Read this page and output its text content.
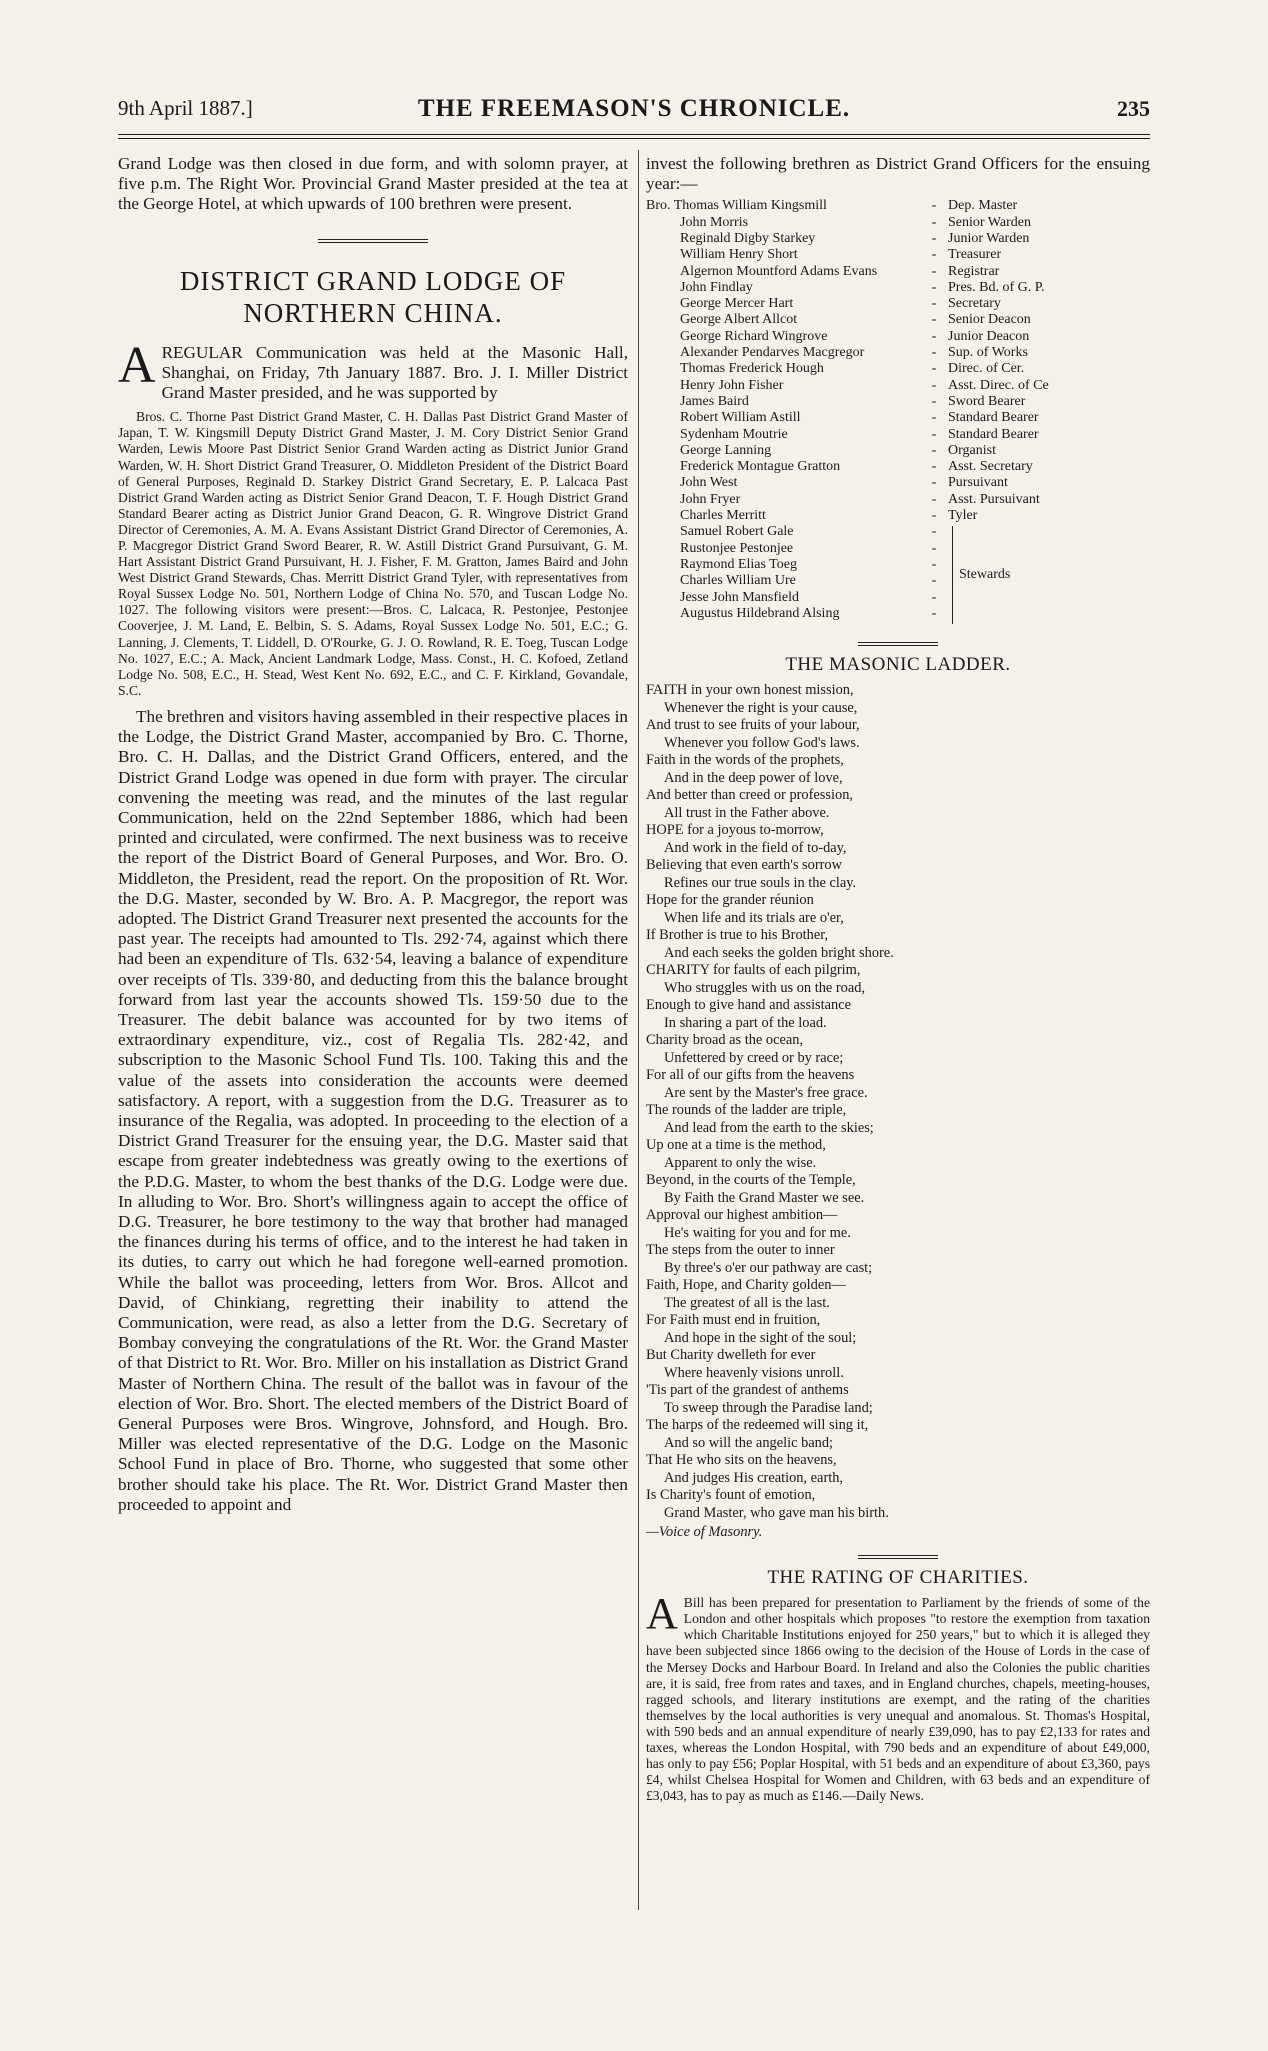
9th April 1887.]	THE FREEMASON'S CHRONICLE.	235

Grand Lodge was then closed in due form, and with solomn prayer, at five p.m. The Right Wor. Provincial Grand Master presided at the tea at the George Hotel, at which upwards of 100 brethren were present.

DISTRICT GRAND LODGE OF
NORTHERN CHINA.

AREGULAR Communication was held at the Masonic Hall, Shanghai, on Friday, 7th January 1887. Bro. J. I. Miller District Grand Master presided, and he was supported by

Bros. C. Thorne Past District Grand Master, C. H. Dallas Past District Grand Master of Japan, T. W. Kingsmill Deputy District Grand Master, J. M. Cory District Senior Grand Warden, Lewis Moore Past District Senior Grand Warden acting as District Junior Grand Warden, W. H. Short District Grand Treasurer, O. Middleton President of the District Board of General Purposes, Reginald D. Starkey District Grand Secretary, E. P. Lalcaca Past District Grand Warden acting as District Senior Grand Deacon, T. F. Hough District Grand Standard Bearer acting as District Junior Grand Deacon, G. R. Wingrove District Grand Director of Ceremonies, A. M. A. Evans Assistant District Grand Director of Ceremonies, A. P. Macgregor District Grand Sword Bearer, R. W. Astill District Grand Pursuivant, G. M. Hart Assistant District Grand Pursuivant, H. J. Fisher, F. M. Gratton, James Baird and John West District Grand Stewards, Chas. Merritt District Grand Tyler, with representatives from Royal Sussex Lodge No. 501, Northern Lodge of China No. 570, and Tuscan Lodge No. 1027. The following visitors were present:—Bros. C. Lalcaca, R. Pestonjee, Pestonjee Cooverjee, J. M. Land, E. Belbin, S. S. Adams, Royal Sussex Lodge No. 501, E.C.; G. Lanning, J. Clements, T. Liddell, D. O'Rourke, G. J. O. Rowland, R. E. Toeg, Tuscan Lodge No. 1027, E.C.; A. Mack, Ancient Landmark Lodge, Mass. Const., H. C. Kofoed, Zetland Lodge No. 508, E.C., H. Stead, West Kent No. 692, E.C., and C. F. Kirkland, Govandale, S.C.

The brethren and visitors having assembled in their respective places in the Lodge, the District Grand Master, accompanied by Bro. C. Thorne, Bro. C. H. Dallas, and the District Grand Officers, entered, and the District Grand Lodge was opened in due form with prayer. The circular convening the meeting was read, and the minutes of the last regular Communication, held on the 22nd September 1886, which had been printed and circulated, were confirmed. The next business was to receive the report of the District Board of General Purposes, and Wor. Bro. O. Middleton, the President, read the report. On the proposition of Rt. Wor. the D.G. Master, seconded by W. Bro. A. P. Macgregor, the report was adopted. The District Grand Treasurer next presented the accounts for the past year. The receipts had amounted to Tls. 292·74, against which there had been an expenditure of Tls. 632·54, leaving a balance of expenditure over receipts of Tls. 339·80, and deducting from this the balance brought forward from last year the accounts showed Tls. 159·50 due to the Treasurer. The debit balance was accounted for by two items of extraordinary expenditure, viz., cost of Regalia Tls. 282·42, and subscription to the Masonic School Fund Tls. 100. Taking this and the value of the assets into consideration the accounts were deemed satisfactory. A report, with a suggestion from the D.G. Treasurer as to insurance of the Regalia, was adopted. In proceeding to the election of a District Grand Treasurer for the ensuing year, the D.G. Master said that escape from greater indebtedness was greatly owing to the exertions of the P.D.G. Master, to whom the best thanks of the D.G. Lodge were due. In alluding to Wor. Bro. Short's willingness again to accept the office of D.G. Treasurer, he bore testimony to the way that brother had managed the finances during his terms of office, and to the interest he had taken in its duties, to carry out which he had foregone well-earned promotion. While the ballot was proceeding, letters from Wor. Bros. Allcot and David, of Chinkiang, regretting their inability to attend the Communication, were read, as also a letter from the D.G. Secretary of Bombay conveying the congratulations of the Rt. Wor. the Grand Master of that District to Rt. Wor. Bro. Miller on his installation as District Grand Master of Northern China. The result of the ballot was in favour of the election of Wor. Bro. Short. The elected members of the District Board of General Purposes were Bros. Wingrove, Johnsford, and Hough. Bro. Miller was elected representative of the D.G. Lodge on the Masonic School Fund in place of Bro. Thorne, who suggested that some other brother should take his place. The Rt. Wor. District Grand Master then proceeded to appoint and

invest the following brethren as District Grand Officers for the ensuing year:—

Bro. Thomas William Kingsmill	- Dep. Master
John Morris	- Senior Warden
Reginald Digby Starkey	- Junior Warden
William Henry Short	- Treasurer
Algernon Mountford Adams Evans	- Registrar
John Findlay	- Pres. Bd. of G. P.
George Mercer Hart	- Secretary
George Albert Allcot	- Senior Deacon
George Richard Wingrove	- Junior Deacon
Alexander Pendarves Macgregor	- Sup. of Works
Thomas Frederick Hough	- Direc. of Cer.
Henry John Fisher	- Asst. Direc. of Ce
James Baird	- Sword Bearer
Robert William Astill	- Standard Bearer
Sydenham Moutrie	- Standard Bearer
George Lanning	- Organist
Frederick Montague Gratton	- Asst. Secretary
John West	- Pursuivant
John Fryer	- Asst. Pursuivant
Charles Merritt	- Tyler
Samuel Robert Gale	-
Rustonjee Pestonjee	-
Raymond Elias Toeg	-
Charles William Ure	-
Jesse John Mansfield	-
Augustus Hildebrand Alsing	-
Stewards
THE MASONIC LADDER.
FAITH in your own honest mission,
Whenever the right is your cause,
And trust to see fruits of your labour,
Whenever you follow God's laws.
Faith in the words of the prophets,
And in the deep power of love,
And better than creed or profession,
All trust in the Father above.
HOPE for a joyous to-morrow,
And work in the field of to-day,
Believing that even earth's sorrow
Refines our true souls in the clay.
Hope for the grander réunion
When life and its trials are o'er,
If Brother is true to his Brother,
And each seeks the golden bright shore.
CHARITY for faults of each pilgrim,
Who struggles with us on the road,
Enough to give hand and assistance
In sharing a part of the load.
Charity broad as the ocean,
Unfettered by creed or by race;
For all of our gifts from the heavens
Are sent by the Master's free grace.
The rounds of the ladder are triple,
And lead from the earth to the skies;
Up one at a time is the method,
Apparent to only the wise.
Beyond, in the courts of the Temple,
By Faith the Grand Master we see.
Approval our highest ambition—
He's waiting for you and for me.
The steps from the outer to inner
By three's o'er our pathway are cast;
Faith, Hope, and Charity golden—
The greatest of all is the last.
For Faith must end in fruition,
And hope in the sight of the soul;
But Charity dwelleth for ever
Where heavenly visions unroll.
'Tis part of the grandest of anthems
To sweep through the Paradise land;
The harps of the redeemed will sing it,
And so will the angelic band;
That He who sits on the heavens,
And judges His creation, earth,
Is Charity's fount of emotion,
Grand Master, who gave man his birth.
—Voice of Masonry.
THE RATING OF CHARITIES.

A Bill has been prepared for presentation to Parliament by the friends of some of the London and other hospitals which proposes "to restore the exemption from taxation which Charitable Institutions enjoyed for 250 years," but to which it is alleged they have been subjected since 1866 owing to the decision of the House of Lords in the case of the Mersey Docks and Harbour Board. In Ireland and also the Colonies the public charities are, it is said, free from rates and taxes, and in England churches, chapels, meeting-houses, ragged schools, and literary institutions are exempt, and the rating of the charities themselves by the local authorities is very unequal and anomalous. St. Thomas's Hospital, with 590 beds and an annual expenditure of nearly £39,090, has to pay £2,133 for rates and taxes, whereas the London Hospital, with 790 beds and an expenditure of about £49,000, has only to pay £56; Poplar Hospital, with 51 beds and an expenditure of about £3,360, pays £4, whilst Chelsea Hospital for Women and Children, with 63 beds and an expenditure of £3,043, has to pay as much as £146.—Daily News.
